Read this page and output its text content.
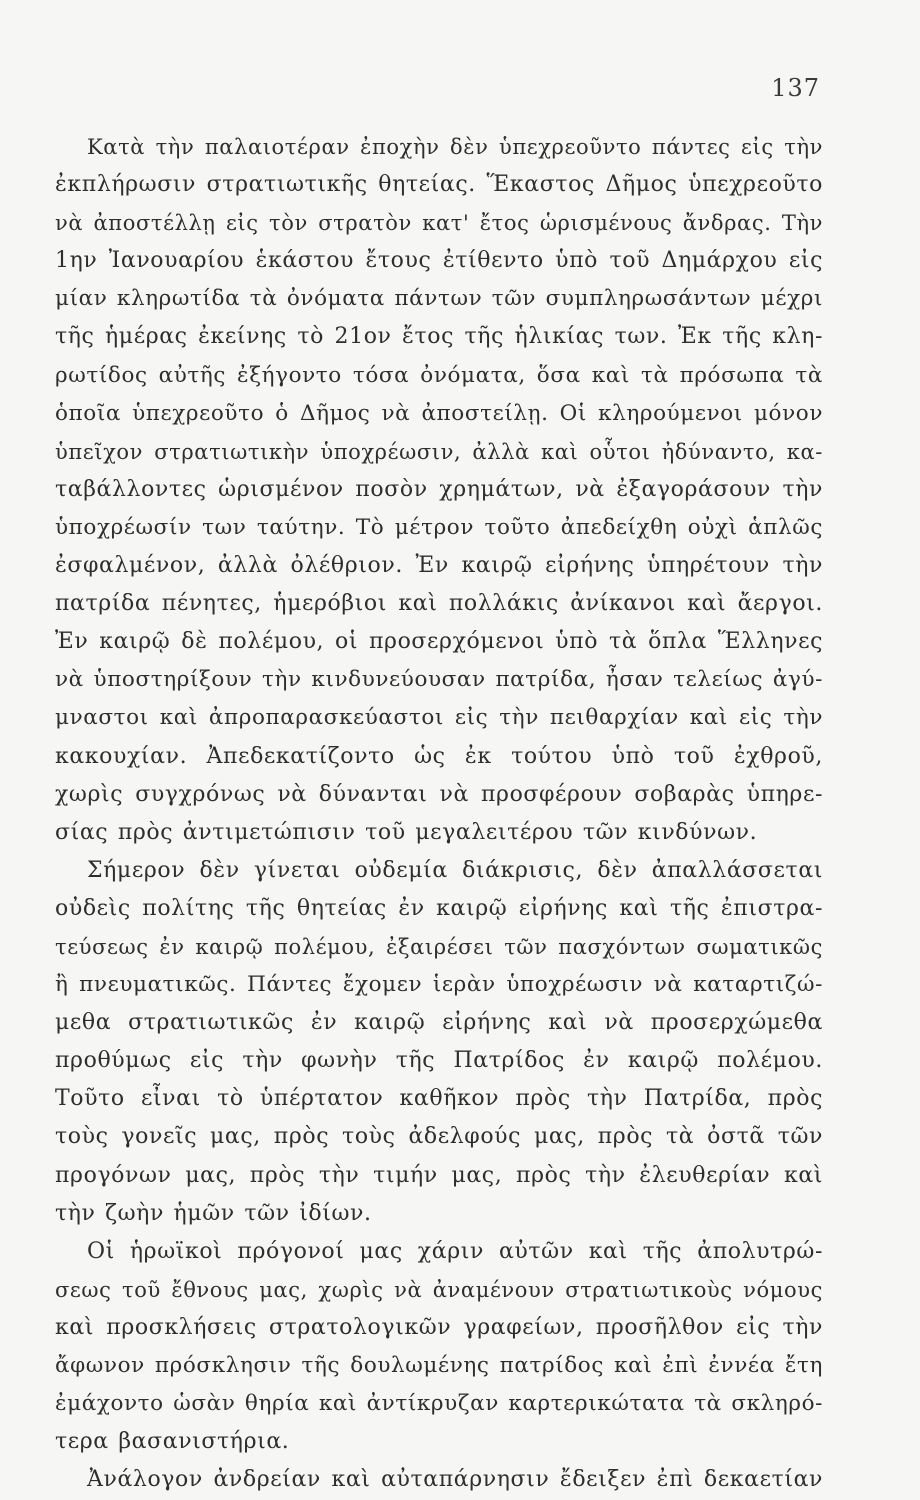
137
Κατὰ τὴν παλαιοτέραν ἐποχὴν δὲν ὑπεχρεοῦντο πάντες εἰς τὴν
ἐκπλήρωσιν στρατιωτικῆς θητείας. Ἕκαστος Δῆμος ὑπεχρεοῦτο
νὰ ἀποστέλλῃ εἰς τὸν στρατὸν κατ' ἔτος ὡρισμένους ἄνδρας. Τὴν
1ην Ἰανουαρίου ἑκάστου ἔτους ἐτίθεντο ὑπὸ τοῦ Δημάρχου εἰς
μίαν κληρωτίδα τὰ ὀνόματα πάντων τῶν συμπληρωσάντων μέχρι
τῆς ἡμέρας ἐκείνης τὸ 21ον ἔτος τῆς ἡλικίας των. Ἐκ τῆς κλη-
ρωτίδος αὐτῆς ἐξήγοντο τόσα ὀνόματα, ὅσα καὶ τὰ πρόσωπα τὰ
ὁποῖα ὑπεχρεοῦτο ὁ Δῆμος νὰ ἀποστείλῃ. Οἱ κληρούμενοι μόνον
ὑπεῖχον στρατιωτικὴν ὑποχρέωσιν, ἀλλὰ καὶ οὗτοι ἠδύναντο, κα-
ταβάλλοντες ὡρισμένον ποσὸν χρημάτων, νὰ ἐξαγοράσουν τὴν
ὑποχρέωσίν των ταύτην. Τὸ μέτρον τοῦτο ἀπεδείχθη οὐχὶ ἁπλῶς
ἐσφαλμένον, ἀλλὰ ὀλέθριον. Ἐν καιρῷ εἰρήνης ὑπηρέτουν τὴν
πατρίδα πένητες, ἡμερόβιοι καὶ πολλάκις ἀνίκανοι καὶ ἄεργοι.
Ἐν καιρῷ δὲ πολέμου, οἱ προσερχόμενοι ὑπὸ τὰ ὅπλα Ἕλληνες
νὰ ὑποστηρίξουν τὴν κινδυνεύουσαν πατρίδα, ἦσαν τελείως ἀγύ-
μναστοι καὶ ἀπροπαρασκεύαστοι εἰς τὴν πειθαρχίαν καὶ εἰς τὴν
κακουχίαν. Ἀπεδεκατίζοντο ὡς ἐκ τούτου ὑπὸ τοῦ ἐχθροῦ,
χωρὶς συγχρόνως νὰ δύνανται νὰ προσφέρουν σοβαρὰς ὑπηρε-
σίας πρὸς ἀντιμετώπισιν τοῦ μεγαλειτέρου τῶν κινδύνων.
Σήμερον δὲν γίνεται οὐδεμία διάκρισις, δὲν ἀπαλλάσσεται
οὐδεὶς πολίτης τῆς θητείας ἐν καιρῷ εἰρήνης καὶ τῆς ἐπιστρα-
τεύσεως ἐν καιρῷ πολέμου, ἐξαιρέσει τῶν πασχόντων σωματικῶς
ἢ πνευματικῶς. Πάντες ἔχομεν ἱερὰν ὑποχρέωσιν νὰ καταρτιζώ-
μεθα στρατιωτικῶς ἐν καιρῷ εἰρήνης καὶ νὰ προσερχώμεθα
προθύμως εἰς τὴν φωνὴν τῆς Πατρίδος ἐν καιρῷ πολέμου.
Τοῦτο εἶναι τὸ ὑπέρτατον καθῆκον πρὸς τὴν Πατρίδα, πρὸς
τοὺς γονεῖς μας, πρὸς τοὺς ἀδελφούς μας, πρὸς τὰ ὀστᾶ τῶν
προγόνων μας, πρὸς τὴν τιμήν μας, πρὸς τὴν ἐλευθερίαν καὶ
τὴν ζωὴν ἡμῶν τῶν ἰδίων.
Οἱ ἡρωϊκοὶ πρόγονοί μας χάριν αὐτῶν καὶ τῆς ἀπολυτρώ-
σεως τοῦ ἔθνους μας, χωρὶς νὰ ἀναμένουν στρατιωτικοὺς νόμους
καὶ προσκλήσεις στρατολογικῶν γραφείων, προσῆλθον εἰς τὴν
ἄφωνον πρόσκλησιν τῆς δουλωμένης πατρίδος καὶ ἐπὶ ἐννέα ἔτη
ἐμάχοντο ὡσὰν θηρία καὶ ἀντίκρυζαν καρτερικώτατα τὰ σκληρό-
τερα βασανιστήρια.
Ἀνάλογον ἀνδρείαν καὶ αὐταπάρνησιν ἔδειξεν ἐπὶ δεκαετίαν
